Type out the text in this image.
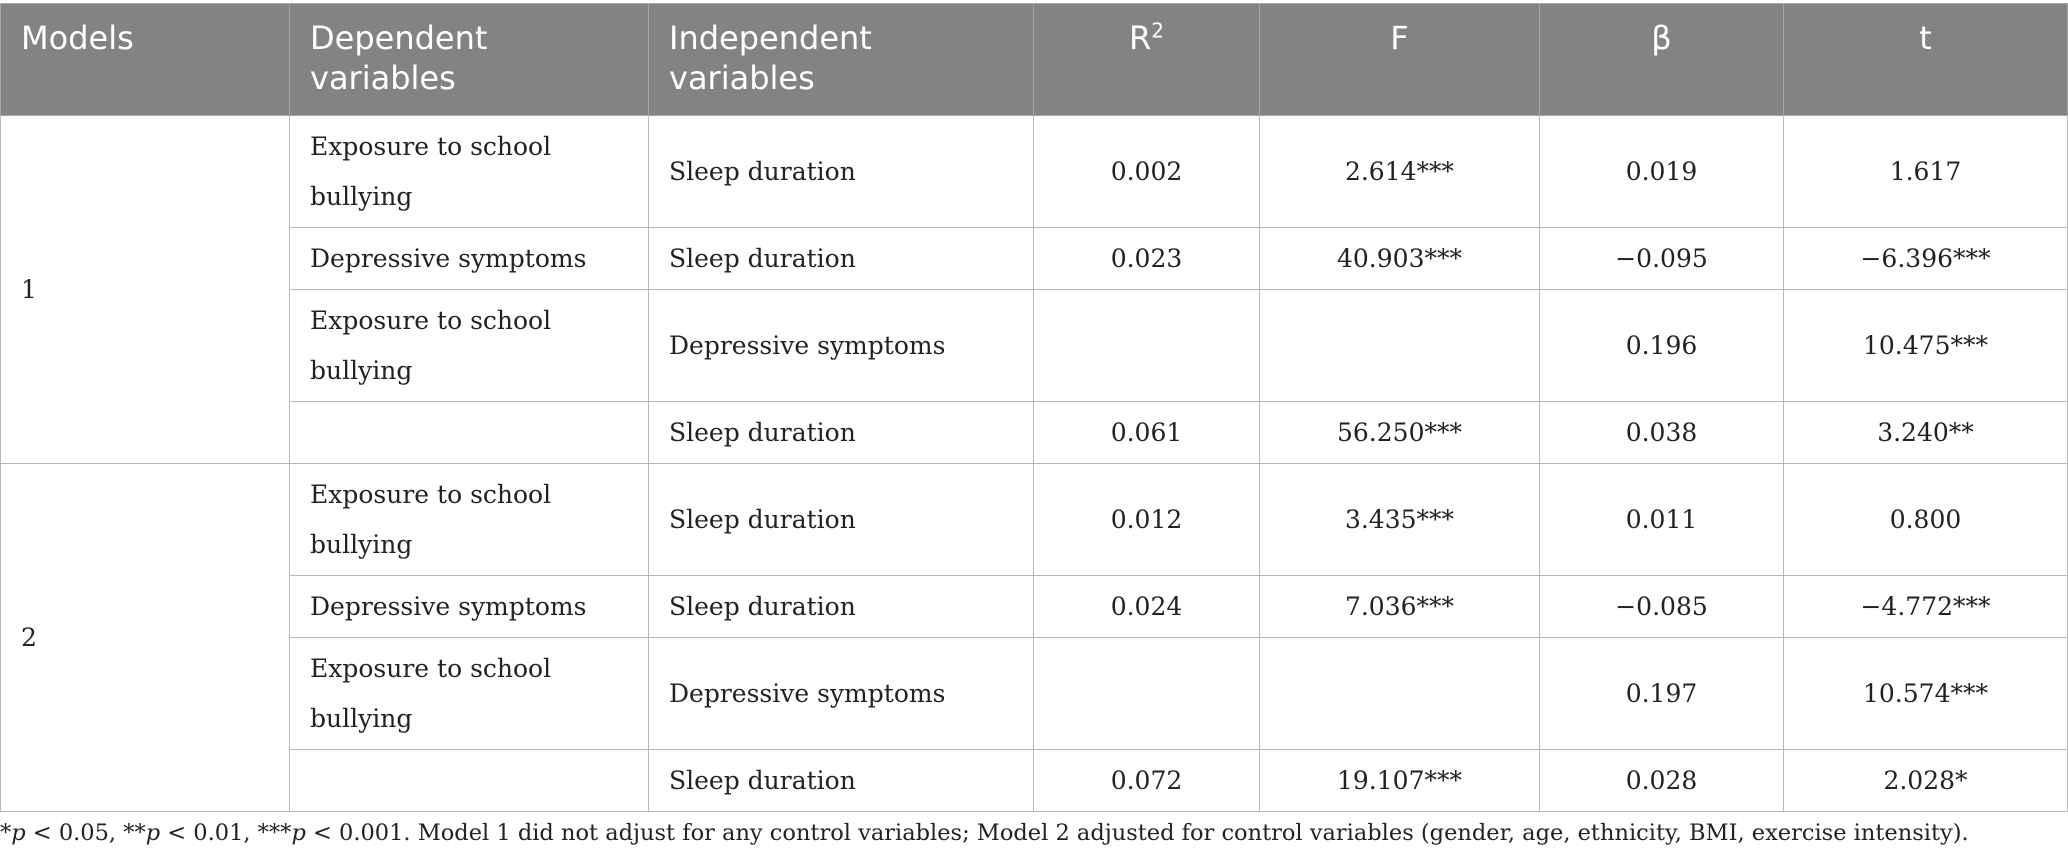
Models	Dependent variables	Independent variables	$R^2$	F	β	t
1	Exposure to school bullying	Sleep duration	0.002	2.614***	0.019	1.617
	Depressive symptoms	Sleep duration	0.023	40.903***	−0.095	−6.396***
	Exposure to school bullying	Depressive symptoms			0.196	10.475***
		Sleep duration	0.061	56.250***	0.038	3.240**
2	Exposure to school bullying	Sleep duration	0.012	3.435***	0.011	0.800
	Depressive symptoms	Sleep duration	0.024	7.036***	−0.085	−4.772***
	Exposure to school bullying	Depressive symptoms			0.197	10.574***
		Sleep duration	0.072	19.107***	0.028	2.028*
*p < 0.05, **p < 0.01, ***p < 0.001. Model 1 did not adjust for any control variables; Model 2 adjusted for control variables (gender, age, ethnicity, BMI, exercise intensity).
